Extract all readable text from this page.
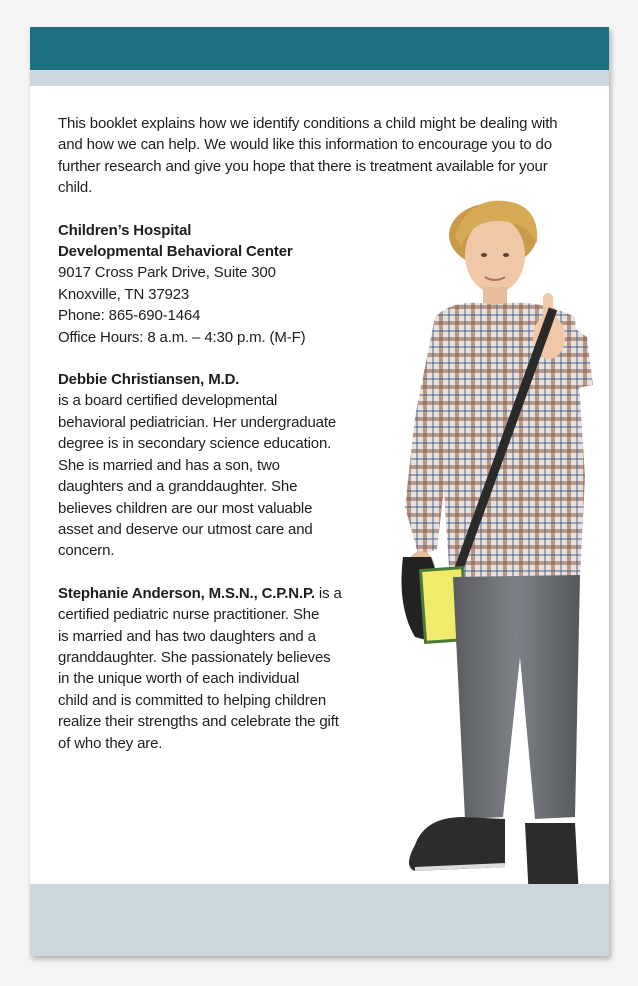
This booklet explains how we identify conditions a child might be dealing with and how we can help. We would like this information to encourage you to do further research and give you hope that there is treatment available for your child.

Children’s Hospital
Developmental Behavioral Center
9017 Cross Park Drive, Suite 300
Knoxville, TN 37923
Phone: 865-690-1464
Office Hours: 8 a.m. – 4:30 p.m. (M-F)
Debbie Christiansen, M.D.
is a board certified developmental
behavioral pediatrician. Her undergraduate
degree is in secondary science education.
She is married and has a son, two
daughters and a granddaughter. She
believes children are our most valuable
asset and deserve our utmost care and
concern.
Stephanie Anderson, M.S.N., C.P.N.P. is a
certified pediatric nurse practitioner. She
is married and has two daughters and a
granddaughter. She passionately believes
in the unique worth of each individual
child and is committed to helping children
realize their strengths and celebrate the gift
of who they are.
